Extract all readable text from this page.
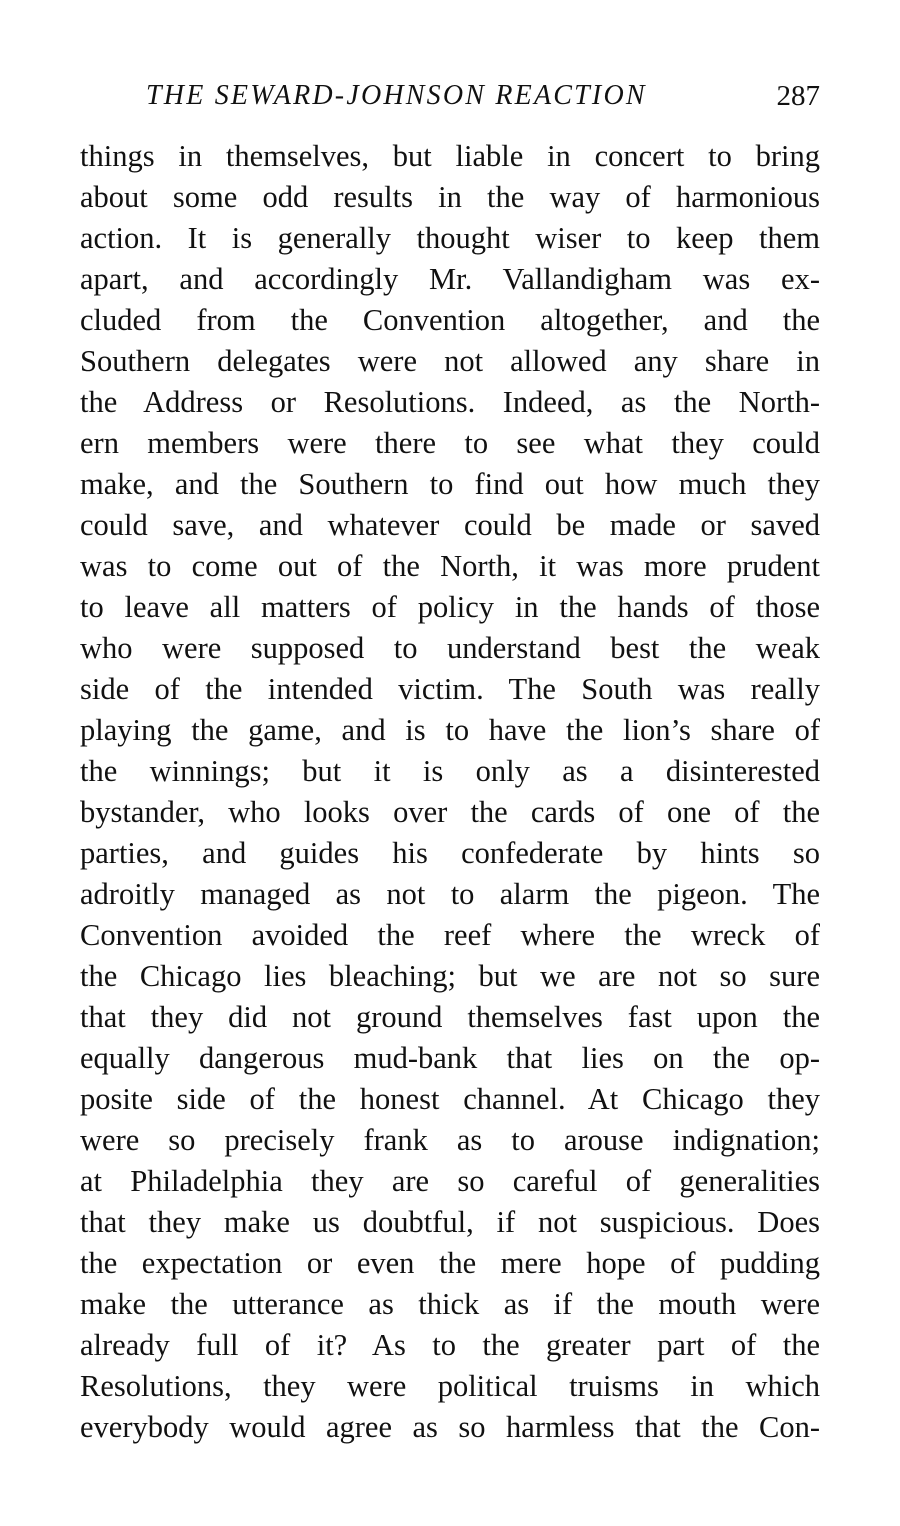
THE SEWARD-JOHNSON REACTION	287
things in themselves, but liable in concert to bring
about some odd results in the way of harmonious
action. It is generally thought wiser to keep them
apart, and accordingly Mr. Vallandigham was ex-
cluded from the Convention altogether, and the
Southern delegates were not allowed any share in
the Address or Resolutions. Indeed, as the North-
ern members were there to see what they could
make, and the Southern to find out how much they
could save, and whatever could be made or saved
was to come out of the North, it was more prudent
to leave all matters of policy in the hands of those
who were supposed to understand best the weak
side of the intended victim. The South was really
playing the game, and is to have the lion’s share of
the winnings; but it is only as a disinterested
bystander, who looks over the cards of one of the
parties, and guides his confederate by hints so
adroitly managed as not to alarm the pigeon. The
Convention avoided the reef where the wreck of
the Chicago lies bleaching; but we are not so sure
that they did not ground themselves fast upon the
equally dangerous mud-bank that lies on the op-
posite side of the honest channel. At Chicago they
were so precisely frank as to arouse indignation;
at Philadelphia they are so careful of generalities
that they make us doubtful, if not suspicious. Does
the expectation or even the mere hope of pudding
make the utterance as thick as if the mouth were
already full of it? As to the greater part of the
Resolutions, they were political truisms in which
everybody would agree as so harmless that the Con-
